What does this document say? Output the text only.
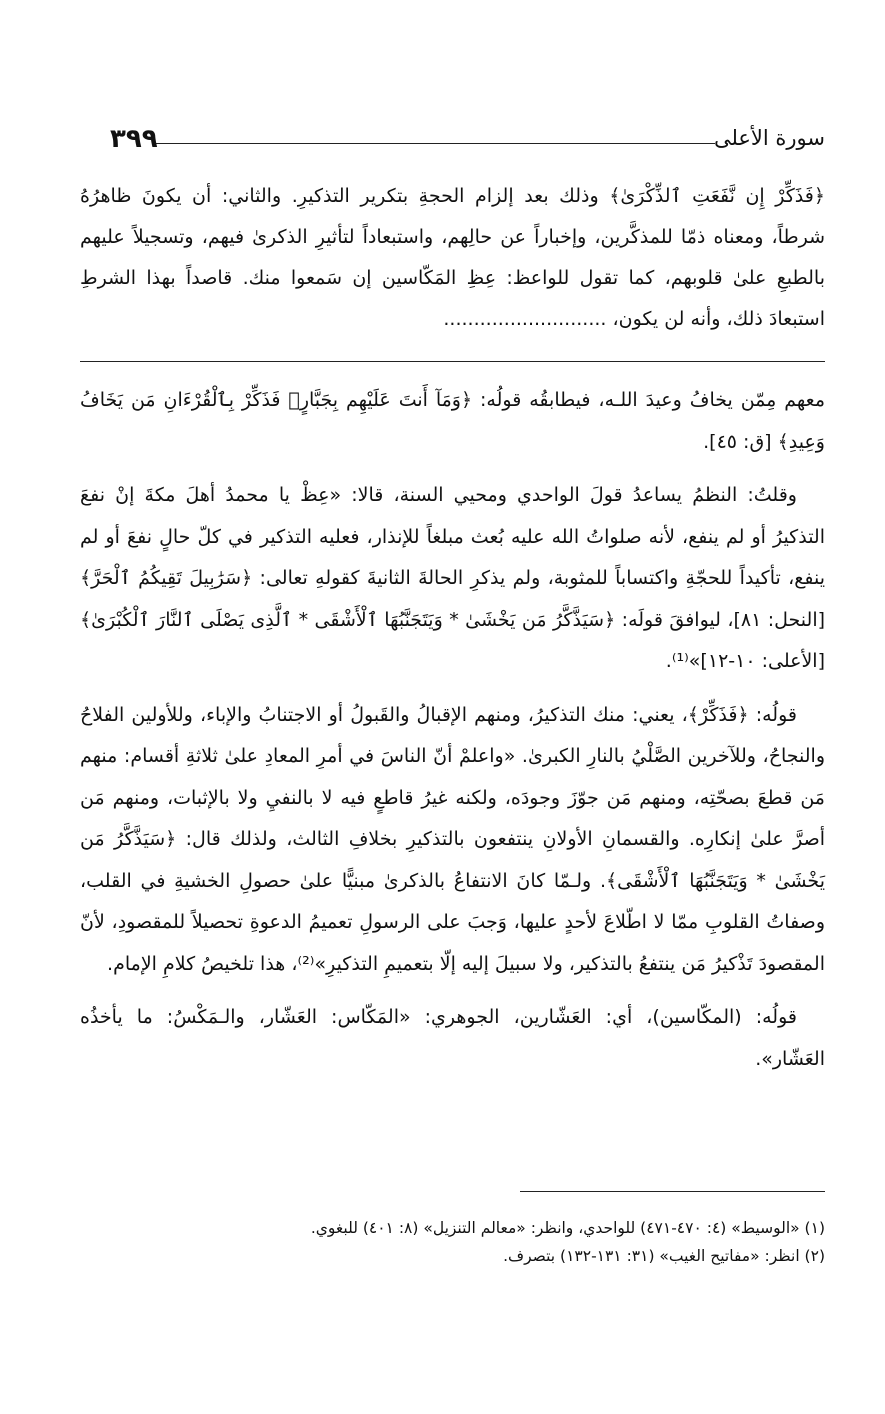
سورة الأعلى
٣٩٩
﴿فَذَكِّرْ إِن نَّفَعَتِ ٱلذِّكْرَىٰ﴾ وذلك بعد إلزام الحجةِ بتكرير التذكيرِ. والثاني: أن يكونَ ظاهرُهُ شرطاً، ومعناه ذمّا للمذكَّرين، وإخباراً عن حالِهم، واستبعاداً لتأثيرِ الذكرىٰ فيهم، وتسجيلاً عليهم بالطبعِ علىٰ قلوبهم، كما تقول للواعظ: عِظِ المَكّاسين إن سَمعوا منك. قاصداً بهذا الشرطِ استبعادَ ذلك، وأنه لن يكون، ...........................

معهم مِمّن يخافُ وعيدَ اللـه، فيطابقُه قولُه: ﴿وَمَآ أَنتَ عَلَيْهِم بِجَبَّارٍۖ فَذَكِّرْ بِٱلْقُرْءَانِ مَن يَخَافُ وَعِيدِ﴾ [ق: ٤٥].

وقلتُ: النظمُ يساعدُ قولَ الواحدي ومحيي السنة، قالا: «عِظْ يا محمدُ أهلَ مكةَ إنْ نفعَ التذكيرُ أو لم ينفع، لأنه صلواتُ الله عليه بُعث مبلغاً للإنذار، فعليه التذكير في كلّ حالٍ نفعَ أو لم ينفع، تأكيداً للحجّةِ واكتساباً للمثوبة، ولم يذكرِ الحالةَ الثانيةَ كقولهِ تعالى: ﴿سَرَٰبِيلَ تَقِيكُمُ ٱلْحَرَّ﴾ [النحل: ٨١]، ليوافقَ قولَه: ﴿سَيَذَّكَّرُ مَن يَخْشَىٰ * وَيَتَجَنَّبُهَا ٱلْأَشْقَى * ٱلَّذِى يَصْلَى ٱلنَّارَ ٱلْكُبْرَىٰ﴾ [الأعلى: ١٠-١٢]»⁽¹⁾.

قولُه: ﴿فَذَكِّرْ﴾، يعني: منك التذكيرُ، ومنهم الإقبالُ والقَبولُ أو الاجتنابُ والإباء، وللأولين الفلاحُ والنجاحُ، وللآخرين الصَّلْيُ بالنارِ الكبرىٰ. «واعلمْ أنّ الناسَ في أمرِ المعادِ علىٰ ثلاثةِ أقسام: منهم مَن قطعَ بصحّتِه، ومنهم مَن جوّزَ وجودَه، ولكنه غيرُ قاطعٍ فيه لا بالنفيِ ولا بالإثبات، ومنهم مَن أصرَّ علىٰ إنكارِه. والقسمانِ الأولانِ ينتفعون بالتذكيرِ بخلافِ الثالث، ولذلك قال: ﴿سَيَذَّكَّرُ مَن يَخْشَىٰ * وَيَتَجَنَّبُهَا ٱلْأَشْقَى﴾. ولـمّا كانَ الانتفاعُ بالذكرىٰ مبنيًّا علىٰ حصولِ الخشيةِ في القلب، وصفاتُ القلوبِ ممّا لا اطّلاعَ لأحدٍ عليها، وَجبَ على الرسولِ تعميمُ الدعوةِ تحصيلاً للمقصودِ، لأنّ المقصودَ تَذْكيرُ مَن ينتفعُ بالتذكير، ولا سبيلَ إليه إلّا بتعميمِ التذكيرِ»⁽²⁾، هذا تلخيصُ كلامِ الإمام.

قولُه: (المكّاسين)، أي: العَشّارين، الجوهري: «المَكّاس: العَشّار، والـمَكْسُ: ما يأخذُه العَشّار».

(١) «الوسيط» (٤: ٤٧٠-٤٧١) للواحدي، وانظر: «معالم التنزيل» (٨: ٤٠١) للبغوي.

(٢) انظر: «مفاتيح الغيب» (٣١: ١٣١-١٣٢) بتصرف.
